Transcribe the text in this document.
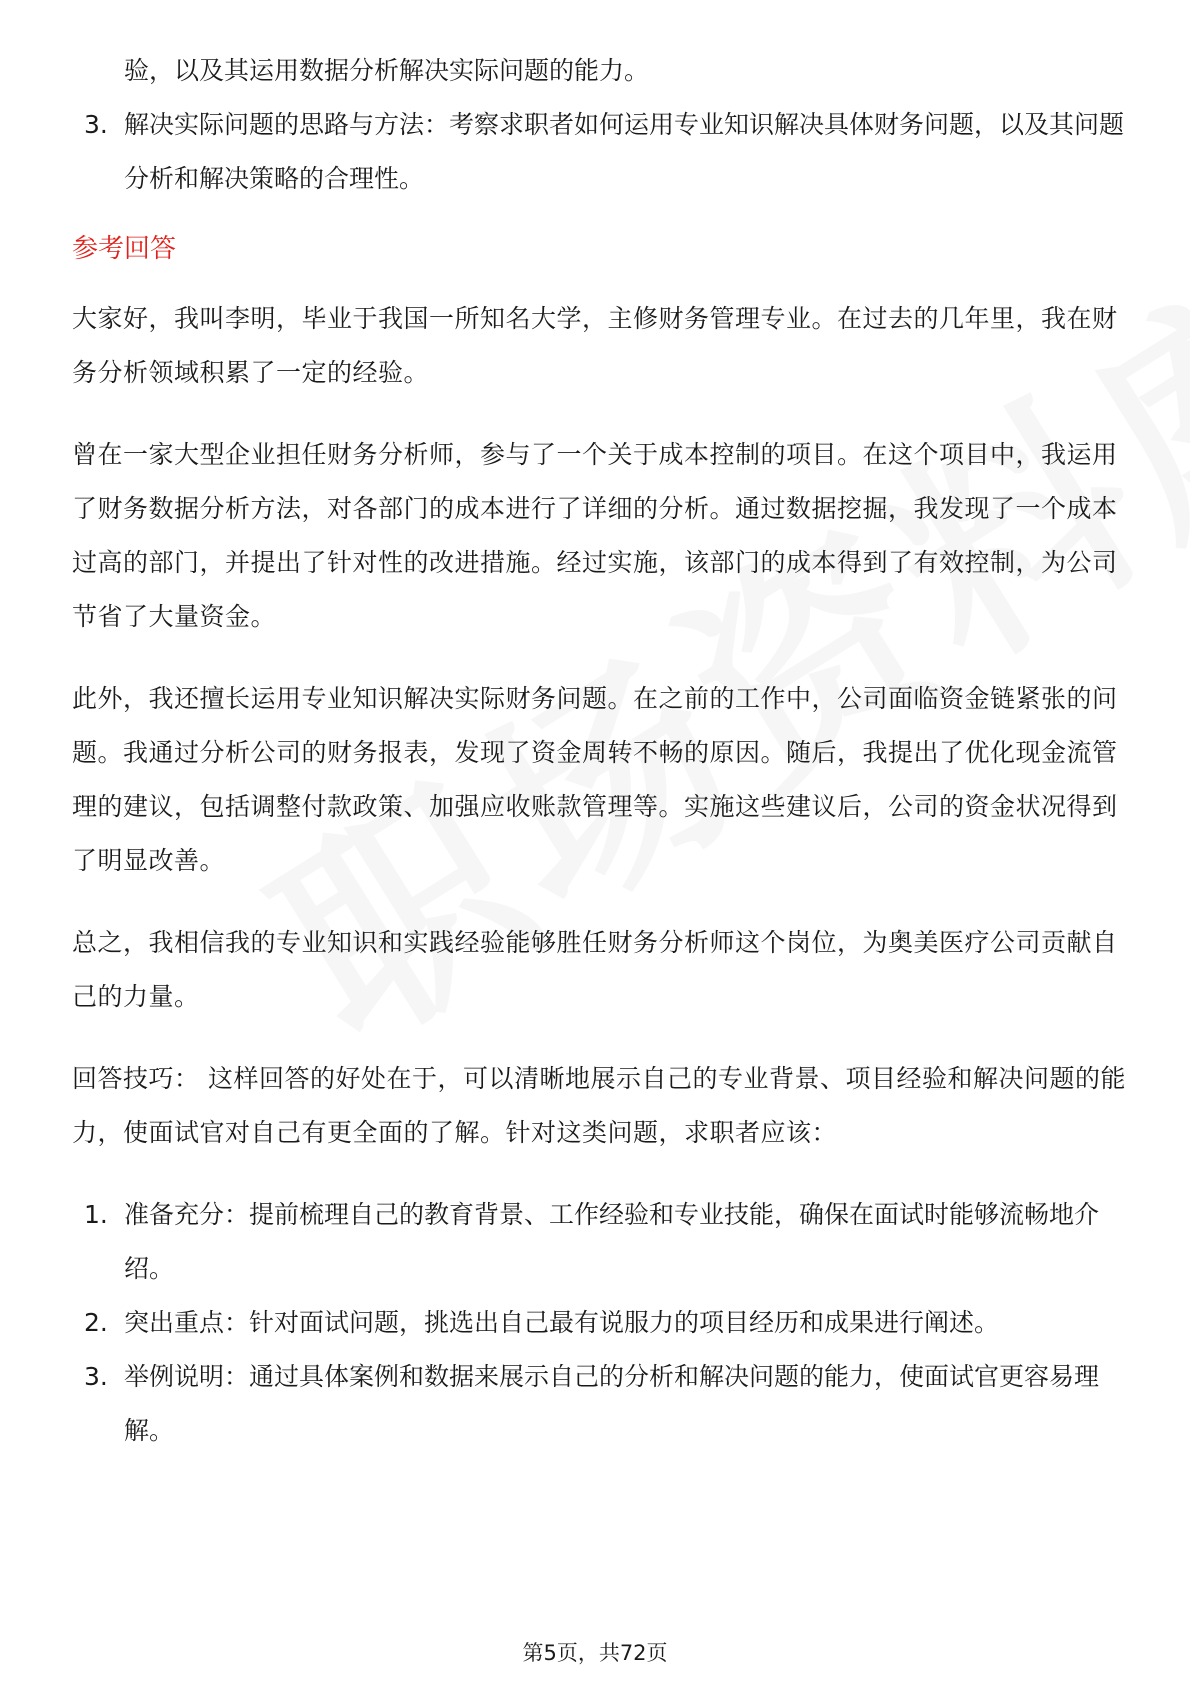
验，以及其运用数据分析解决实际问题的能力。

3. 解决实际问题的思路与方法：考察求职者如何运用专业知识解决具体财务问题，以及其问题分析和解决策略的合理性。
参考回答

大家好，我叫李明，毕业于我国一所知名大学，主修财务管理专业。在过去的几年里，我在财务分析领域积累了一定的经验。

曾在一家大型企业担任财务分析师，参与了一个关于成本控制的项目。在这个项目中，我运用了财务数据分析方法，对各部门的成本进行了详细的分析。通过数据挖掘，我发现了一个成本过高的部门，并提出了针对性的改进措施。经过实施，该部门的成本得到了有效控制，为公司节省了大量资金。

此外，我还擅长运用专业知识解决实际财务问题。在之前的工作中，公司面临资金链紧张的问题。我通过分析公司的财务报表，发现了资金周转不畅的原因。随后，我提出了优化现金流管理的建议，包括调整付款政策、加强应收账款管理等。实施这些建议后，公司的资金状况得到了明显改善。

总之，我相信我的专业知识和实践经验能够胜任财务分析师这个岗位，为奥美医疗公司贡献自己的力量。

回答技巧： 这样回答的好处在于，可以清晰地展示自己的专业背景、项目经验和解决问题的能力，使面试官对自己有更全面的了解。针对这类问题，求职者应该：

1. 准备充分：提前梳理自己的教育背景、工作经验和专业技能，确保在面试时能够流畅地介绍。
2. 突出重点：针对面试问题，挑选出自己最有说服力的项目经历和成果进行阐述。
3. 举例说明：通过具体案例和数据来展示自己的分析和解决问题的能力，使面试官更容易理解。
第5页，共72页
